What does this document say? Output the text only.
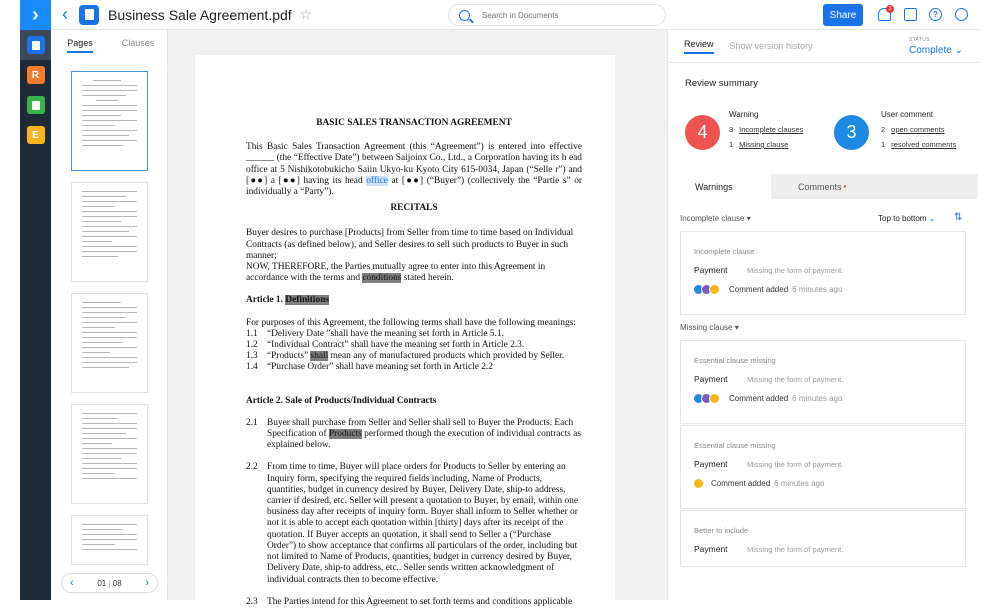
›
R
E
‹	Business Sale Agreement.pdf ☆
Search in Documents	Share
3
?
Pages	Clauses
‹	01 | 08 ›
BASIC SALES TRANSACTION AGREEMENT

This Basic Sales Transaction Agreement (this “Agreement”) is entered into effective ______ (the “Effective Date”) between Saijoinx Co., Ltd., a Corporation having its h ead office at 5 Nishikotobukicho Saiin Ukyo-ku Kyoto City 615-0034, Japan (“Selle r”) and [●●] a [●●] having its head office at [●●] (“Buyer”) (collectively the “Partie s” or individually a “Party”).

RECITALS

Buyer desires to purchase [Products] from Seller from time to time based on Individual Contracts (as defined below), and Seller desires to sell such products to Buyer in such manner;

NOW, THEREFORE, the Parties mutually agree to enter into this Agreement in accordance with the terms and conditions stated herein.

Article 1. Definitions

For purposes of this Agreement, the following terms shall have the following meanings:

1.1 “Delivery Date ”shall have the meaning set forth in Article 5.1.
1.2 “Individual Contract” shall have the meaning set forth in Article 2.3.
1.3 “Products” shall mean any of manufactured products which provided by Seller.
1.4 “Purchase Order” shall have meaning set forth in Article 2.2

Article 2. Sale of Products/Individual Contracts

2.1 Buyer shall purchase from Seller and Seller shall sell to Buyer the Products. Each Specification of Products performed though the execution of individual contracts as explained below.
2.2 From time to time, Buyer will place orders for Products to Seller by entering an Inquiry form, specifying the required fields including, Name of Products, quantities, budget in currency desired by Buyer, Delivery Date, ship-to address, carrier if desired, etc. Seller will present a quotation to Buyer, by email, within one business day after receipts of inquiry form. Buyer shall inform to Seller whether or not it is able to accept each quotation within [thirty] days after its receipt of the quotation. If Buyer accepts an quotation, it shall send to Seller a (“Purchase Order”) to show acceptance that confirms all particulars of the order, including but not limited to Name of Products, quantities, budget in currency desired by Buyer, Delivery Date, ship-to address, etc.. Seller sends written acknowledgment of individual contracts then to become effective.
2.3 The Parties intend for this Agreement to set forth terms and conditions applicable
Review Show version history
STATUS
Complete ⌄
Review summary
4
Warning
3 Incomplete clauses
1 Missing clause
3
User comment
2 open comments
1 resolved comments
Warnings	Comments •
Incomplete clause ▾	Top to bottom ⌄ ⇅
Incomplete clause
Payment	Missing the form of payment.
Comment added 6 minutes ago
Missing clause ▾
Essential clause missing
Payment	Missing the form of payment.
Comment added 6 minutes ago
Essential clause missing
Payment	Missing the form of payment.
Comment added 6 minutes ago
Better to include
Payment	Missing the form of payment.
